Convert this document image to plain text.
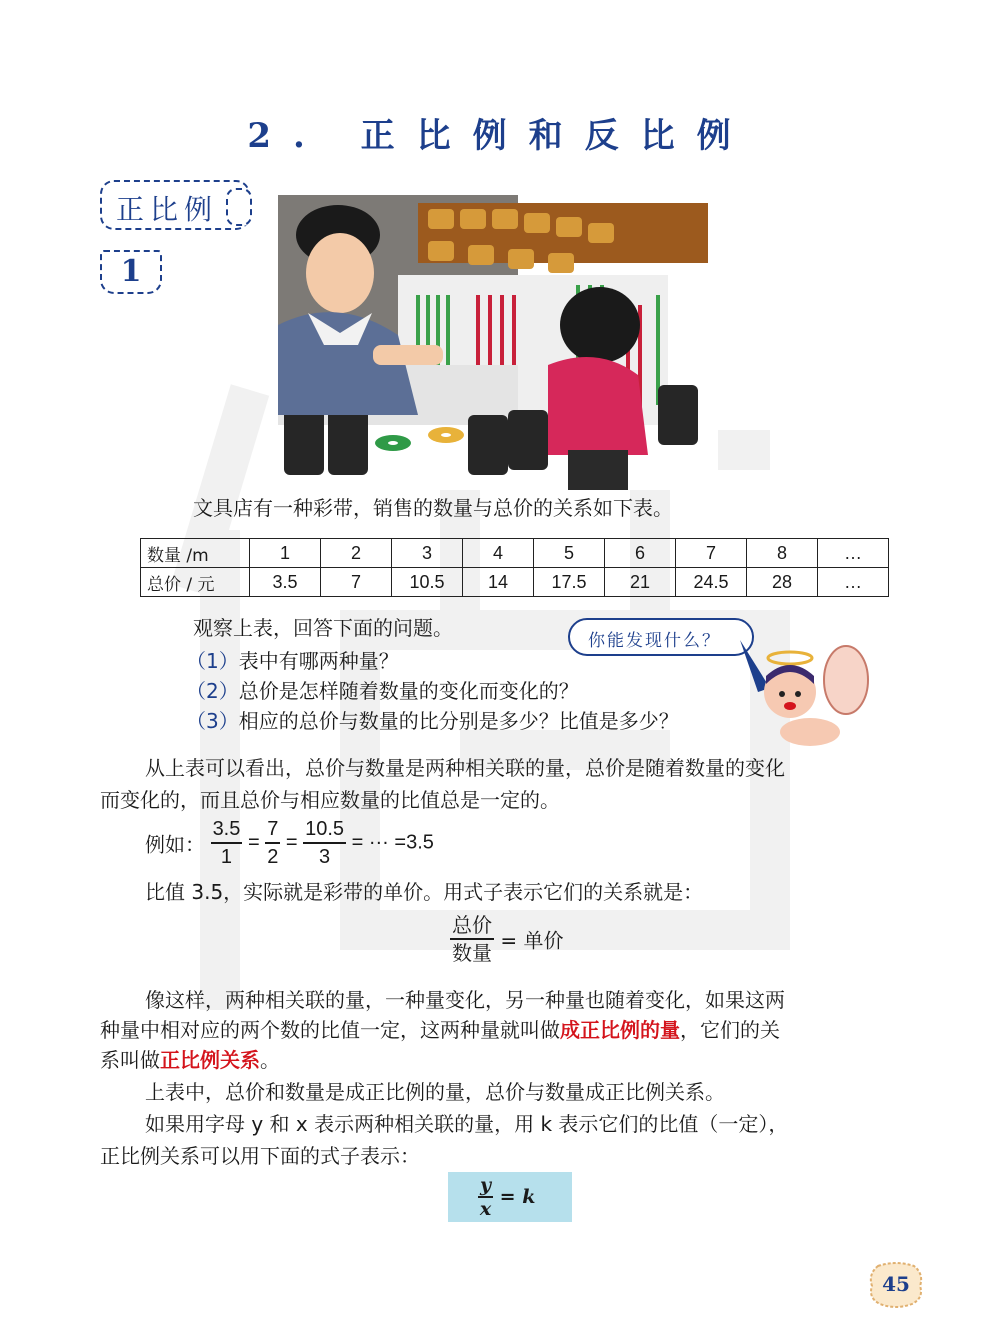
2. 正比例和反比例
正比例
1
文具店有一种彩带，销售的数量与总价的关系如下表。
数量 /m	1	2	3	4	5	6	7	8	…
总价 / 元	3.5	7	10.5	14	17.5	21	24.5	28	…
观察上表，回答下面的问题。
（1）表中有哪两种量？
（2）总价是怎样随着数量的变化而变化的？
（3）相应的总价与数量的比分别是多少？比值是多少？
你能发现什么？
从上表可以看出，总价与数量是两种相关联的量，总价是随着数量的变化
而变化的，而且总价与相应数量的比值总是一定的。
例如： $\frac{3.5}{1} = \frac{7}{2} = \frac{10.5}{3}$ = ··· =3.5
比值 3.5，实际就是彩带的单价。用式子表示它们的关系就是：
$\frac{\text{总价}}{\text{数量}}$ = 单价
像这样，两种相关联的量，一种量变化，另一种量也随着变化，如果这两
种量中相对应的两个数的比值一定，这两种量就叫做成正比例的量，它们的关
系叫做正比例关系。
上表中，总价和数量是成正比例的量，总价与数量成正比例关系。
如果用字母 y 和 x 表示两种相关联的量，用 k 表示它们的比值（一定），
正比例关系可以用下面的式子表示：
$\frac{y}{x} = k$
45
